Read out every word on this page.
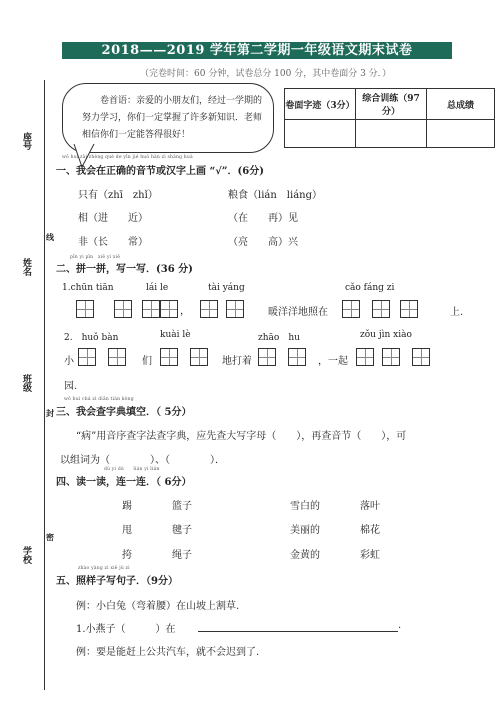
2018——2019 学年第二学期一年级语文期末试卷
（完卷时间：60 分钟，试卷总分 100 分，其中卷面分 3 分．）
座号
姓名
班级
学校
线
封
密
卷首语：亲爱的小朋友们，经过一学期的努力学习，你们一定掌握了许多新知识．老师相信你们一定能答得很好！
卷面字迹（3分）	综合训练（97分）	总成绩

wǒ huì zài zhèng què de yīn jié huò hàn zì shàng huà
一、我会在正确的音节或汉字上画 “√”．(6分)
只有（zhī　zhǐ）	粮食（lián　liáng）
相（进　　近）	（在　　再）见
非（长　　常）	（亮　　高）兴
pīn yi pīn　xiě yi xiě
二、拼一拼，写一写．(36 分)
1.chūn tiān	lái le	tài yáng	cǎo fáng zi
，	暖洋洋地照在	上.
2.　huǒ bàn	kuài lè	zhāo　hu	zǒu jìn xiào
小	们	地打着	，一起
园.
wǒ huì chá zì diǎn tián kòng
三、我会查字典填空．（ 5分）
“病”用音序查字法查字典，应先查大写字母（　　），再查音节（　　），可
以组词为（　　　　）、（　　　　）．
dú yi dú　　lián yi lián
四、读一读，连一连．（ 6分）
踢	篮子	雪白的	落叶
甩	毽子	美丽的	棉花
挎	绳子	金黄的	彩虹
zhào yàng zi xiě jù zi
五、照样子写句子．（9分）
例：小白兔（弯着腰）在山坡上割草.
1.小燕子（　　　）在	.
例：要是能赶上公共汽车，就不会迟到了.
